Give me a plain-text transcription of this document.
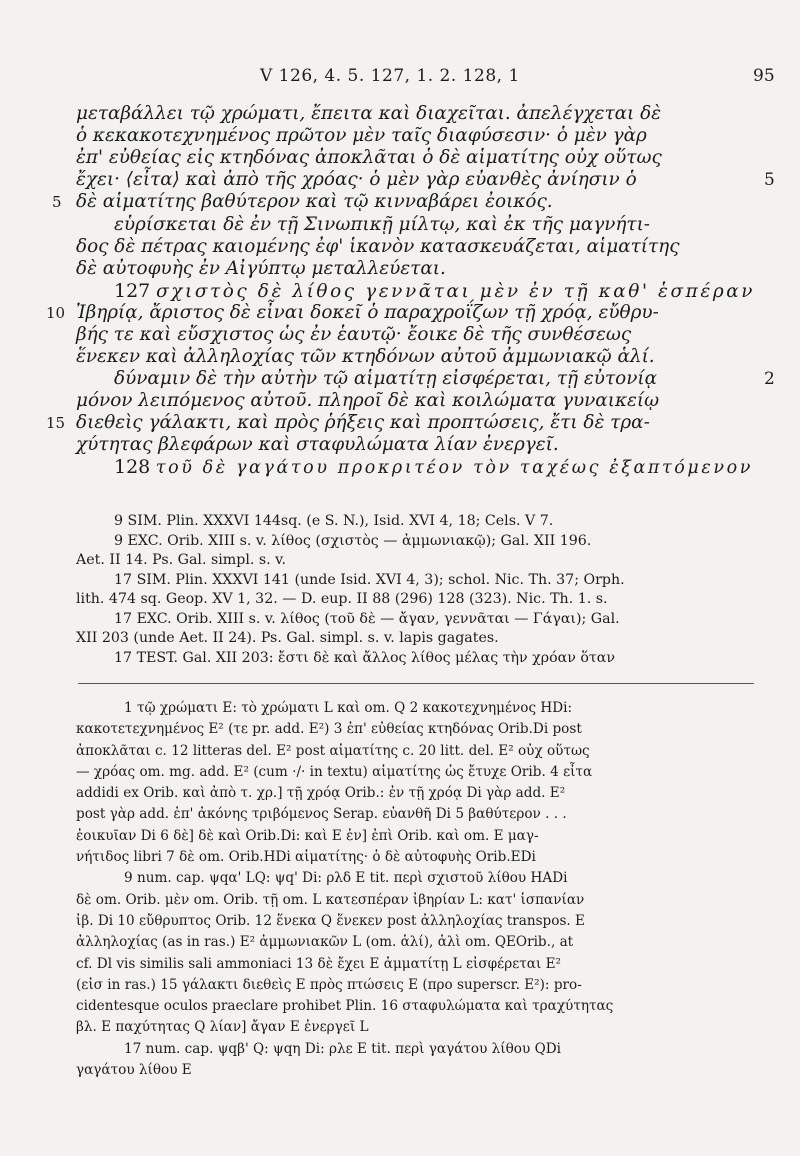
V 126, 4. 5. 127, 1. 2. 128, 1	95
μεταβάλλει τῷ χρώματι, ἔπειτα καὶ διαχεῖται. ἀπελέγχεται δὲ
ὁ κεκακοτεχνημένος πρῶτον μὲν ταῖς διαφύσεσιν· ὁ μὲν γὰρ
ἐπ' εὐθείας εἰς κτηδόνας ἀποκλᾶται ὁ δὲ αἱματίτης οὐχ οὕτως
ἔχει· ⟨εἶτα⟩ καὶ ἀπὸ τῆς χρόας· ὁ μὲν γὰρ εὐανθὲς ἀνίησιν ὁ
δὲ αἱματίτης βαθύτερον καὶ τῷ κινναβάρει ἐοικός.
εὑρίσκεται δὲ ἐν τῇ Σινωπικῇ μίλτῳ, καὶ ἐκ τῆς μαγνήτι-
δος δὲ πέτρας καιομένης ἐφ' ἱκανὸν κατασκευάζεται, αἱματίτης
δὲ αὐτοφυὴς ἐν Αἰγύπτῳ μεταλλεύεται.
127 σχιστὸς δὲ λίθος γεννᾶται μὲν ἐν τῇ καθ' ἑσπέραν
Ἰβηρίᾳ, ἄριστος δὲ εἶναι δοκεῖ ὁ παραχροΐζων τῇ χρόᾳ, εὔθρυ-
βής τε καὶ εὔσχιστος ὡς ἐν ἑαυτῷ· ἔοικε δὲ τῆς συνθέσεως
ἕνεκεν καὶ ἀλληλοχίας τῶν κτηδόνων αὐτοῦ ἀμμωνιακῷ ἁλί.
δύναμιν δὲ τὴν αὐτὴν τῷ αἱματίτῃ εἰσφέρεται, τῇ εὐτονίᾳ
μόνον λειπόμενος αὐτοῦ. πληροῖ δὲ καὶ κοιλώματα γυναικείῳ
διεθεὶς γάλακτι, καὶ πρὸς ῥήξεις καὶ προπτώσεις, ἔτι δὲ τρα-
χύτητας βλεφάρων καὶ σταφυλώματα λίαν ἐνεργεῖ.
128 τοῦ δὲ γαγάτου προκριτέον τὸν ταχέως ἐξαπτόμενον
5
10
15
5
2
9 SIM. Plin. XXXVI 144sq. (e S. N.), Isid. XVI 4, 18; Cels. V 7.
9 EXC. Orib. XIII s. v. λίθος (σχιστὸς — ἀμμωνιακῷ); Gal. XII 196.
Aet. II 14. Ps. Gal. simpl. s. v.
17 SIM. Plin. XXXVI 141 (unde Isid. XVI 4, 3); schol. Nic. Th. 37; Orph.
lith. 474 sq. Geop. XV 1, 32. — D. eup. II 88 (296) 128 (323). Nic. Th. 1. s.
17 EXC. Orib. XIII s. v. λίθος (τοῦ δὲ — ἄγαν, γεννᾶται — Γάγαι); Gal.
XII 203 (unde Aet. II 24). Ps. Gal. simpl. s. v. lapis gagates.
17 TEST. Gal. XII 203: ἔστι δὲ καὶ ἄλλος λίθος μέλας τὴν χρόαν ὅταν
1 τῷ χρώματι E: τὸ χρώματι L καὶ om. Q 2 κακοτεχνημένος HDi:
κακοτετεχνημένος E² (τε pr. add. E²) 3 ἐπ' εὐθείας κτηδόνας Orib.Di post
ἀποκλᾶται c. 12 litteras del. E² post αἱματίτης c. 20 litt. del. E² οὐχ οὕτως
— χρόας om. mg. add. E² (cum ·/· in textu) αἱματίτης ὡς ἔτυχε Orib. 4 εἶτα
addidi ex Orib. καὶ ἀπὸ τ. χρ.] τῇ χρόᾳ Orib.: ἐν τῇ χρόᾳ Di γὰρ add. E²
post γὰρ add. ἐπ' ἀκόνης τριβόμενος Serap. εὐανθῆ Di 5 βαθύτερον . . .
ἐοικυῖαν Di 6 δὲ] δὲ καὶ Orib.Di: καὶ E ἐν] ἐπὶ Orib. καὶ om. E μαγ-
νήτιδος libri 7 δὲ om. Orib.HDi αἱματίτης· ὁ δὲ αὐτοφυὴς Orib.EDi
9 num. cap. ψqα' LQ: ψq' Di: ρλδ E tit. περὶ σχιστοῦ λίθου HADi
δὲ om. Orib. μὲν om. Orib. τῇ om. L κατεσπέραν ἰβηρίαν L: κατ' ἱσπανίαν
ἰβ. Di 10 εὔθρυπτος Orib. 12 ἕνεκα Q ἕνεκεν post ἀλληλοχίας transpos. E
ἀλληλοχίας (as in ras.) E² ἀμμωνιακῶν L (om. ἁλί), ἁλὶ om. QEOrib., at
cf. Dl vis similis sali ammoniaci 13 δὲ ἔχει E ἀμματίτῃ L εἰσφέρεται E²
(εἰσ in ras.) 15 γάλακτι διεθεὶς E πρὸς πτώσεις E (προ superscr. E²): pro-
cidentesque oculos praeclare prohibet Plin. 16 σταφυλώματα καὶ τραχύτητας
βλ. E παχύτητας Q λίαν] ἄγαν E ἐνεργεῖ L
17 num. cap. ψqβ' Q: ψqη Di: ρλε E tit. περὶ γαγάτου λίθου QDi
γαγάτου λίθου E
